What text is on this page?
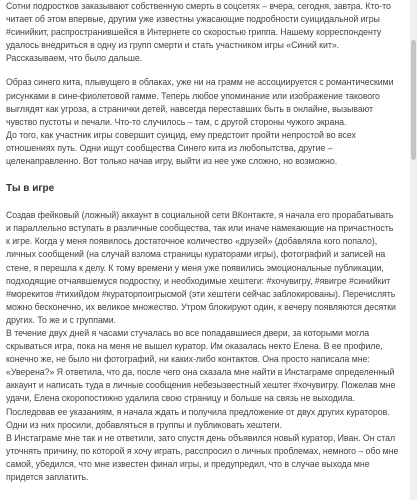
Сотни подростков заказывают собственную смерть в соцсетях – вчера, сегодня, завтра. Кто-то читает об этом впервые, другим уже известны ужасающие подробности суицидальной игры #синийкит, распространившейся в Интернете со скоростью гриппа. Нашему корреспонденту удалось внедриться в одну из групп смерти и стать участником игры «Синий кит». Рассказываем, что было дальше.

Образ синего кита, плывущего в облаках, уже ни на грамм не ассоциируется с романтическими рисунками в сине-фиолетовой гамме. Теперь любое упоминание или изображение такового выглядят как угроза, а странички детей, навсегда переставших быть в онлайне, вызывают чувство пустоты и печали. Что-то случилось – там, с другой стороны чужого экрана.

До того, как участник игры совершит суицид, ему предстоит пройти непростой во всех отношениях путь. Одни ищут сообщества Синего кита из любопытства, другие – целенаправленно. Вот только начав игру, выйти из нее уже сложно, но возможно.

Ты в игре

Создав фейковый (ложный) аккаунт в социальной сети ВКонтакте, я начала его прорабатывать и параллельно вступать в различные сообщества, так или иначе намекающие на причастность к игре. Когда у меня появилось достаточное количество «друзей» (добавляла кого попало), личных сообщений (на случай взлома страницы кураторами игры), фотографий и записей на стене, я перешла к делу. К тому времени у меня уже появились эмоциональные публикации, подходящие отчаявшемуся подростку, и необходимые хештеги: #хочувигру, #явигре #синийкит #морекитов #тихийдом #кураторпоигрысмой (эти хештеги сейчас заблокированы). Перечислять можно бесконечно, их великое множество. Утром блокируют один, к вечеру появляются десятки других. То же и с группами.

В течение двух дней я часами стучалась во все попадавшиеся двери, за которыми могла скрываться игра, пока на меня не вышел куратор. Им оказалась некто Елена. В ее профиле, конечно же, не было ни фотографий, ни каких-либо контактов. Она просто написала мне: «Уверена?» Я ответила, что да, после чего она сказала мне найти в Инстаграме определенный аккаунт и написать туда в личные сообщения небезызвестный хештег #хочувигру. Пожелав мне удачи, Елена скоропостижно удалила свою страницу и больше на связь не выходила. Последовав ее указаниям, я начала ждать и получила предложение от двух других кураторов. Одни из них просили, добавляться в группы и публиковать хештеги.

В Инстаграме мне так и не ответили, зато спустя день объявился новый куратор, Иван. Он стал уточнять причину, по которой я хочу играть, расспросил о личных проблемах, немного – обо мне самой, убедился, что мне известен финал игры, и предупредил, что в случае выхода мне придется заплатить.
